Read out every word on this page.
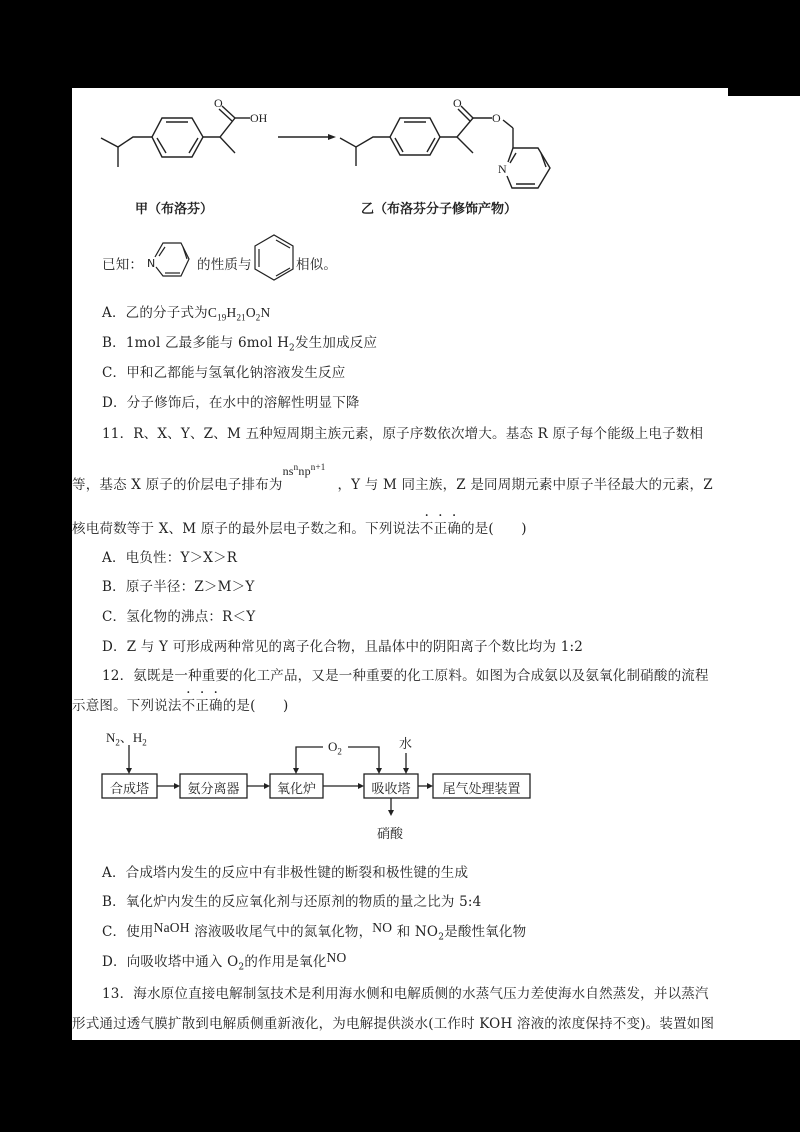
O
OH
O
O
N
甲（布洛芬）	乙（布洛芬分子修饰产物）
已知： N	的性质与	相似。
A．乙的分子式为$C_{19}H_{21}O_2N$
B．1mol 乙最多能与 6mol $H_2$发生加成反应
C．甲和乙都能与氢氧化钠溶液发生反应
D．分子修饰后，在水中的溶解性明显下降
11．R、X、Y、Z、M 五种短周期主族元素，原子序数依次增大。基态 R 原子每个能级上电子数相
等，基态 X 原子的价层电子排布为$ns^nnp^{n+1}$，Y 与 M 同主族，Z 是同周期元素中原子半径最大的元素，Z
核电荷数等于 X、M 原子的最外层电子数之和。下列说法不正确的是(　　)
A．电负性：Y＞X＞R
B．原子半径：Z＞M＞Y
C．氢化物的沸点：R＜Y
D．Z 与 Y 可形成两种常见的离子化合物，且晶体中的阴阳离子个数比均为 1:2
12．氨既是一种重要的化工产品，又是一种重要的化工原料。如图为合成氨以及氨氧化制硝酸的流程
示意图。下列说法不正确的是(　　)
$N_2$、$H_2$	$O_2$	水
硝酸
合成塔	氨分离器	氧化炉	吸收塔	尾气处理装置
A．合成塔内发生的反应中有非极性键的断裂和极性键的生成
B．氧化炉内发生的反应氧化剂与还原剂的物质的量之比为 5:4
C．使用NaOH 溶液吸收尾气中的氮氧化物，NO 和 $NO_2$是酸性氧化物
D．向吸收塔中通入 $O_2$的作用是氧化NO
13．海水原位直接电解制氢技术是利用海水侧和电解质侧的水蒸气压力差使海水自然蒸发，并以蒸汽
形式通过透气膜扩散到电解质侧重新液化，为电解提供淡水(工作时 KOH 溶液的浓度保持不变)。装置如图
